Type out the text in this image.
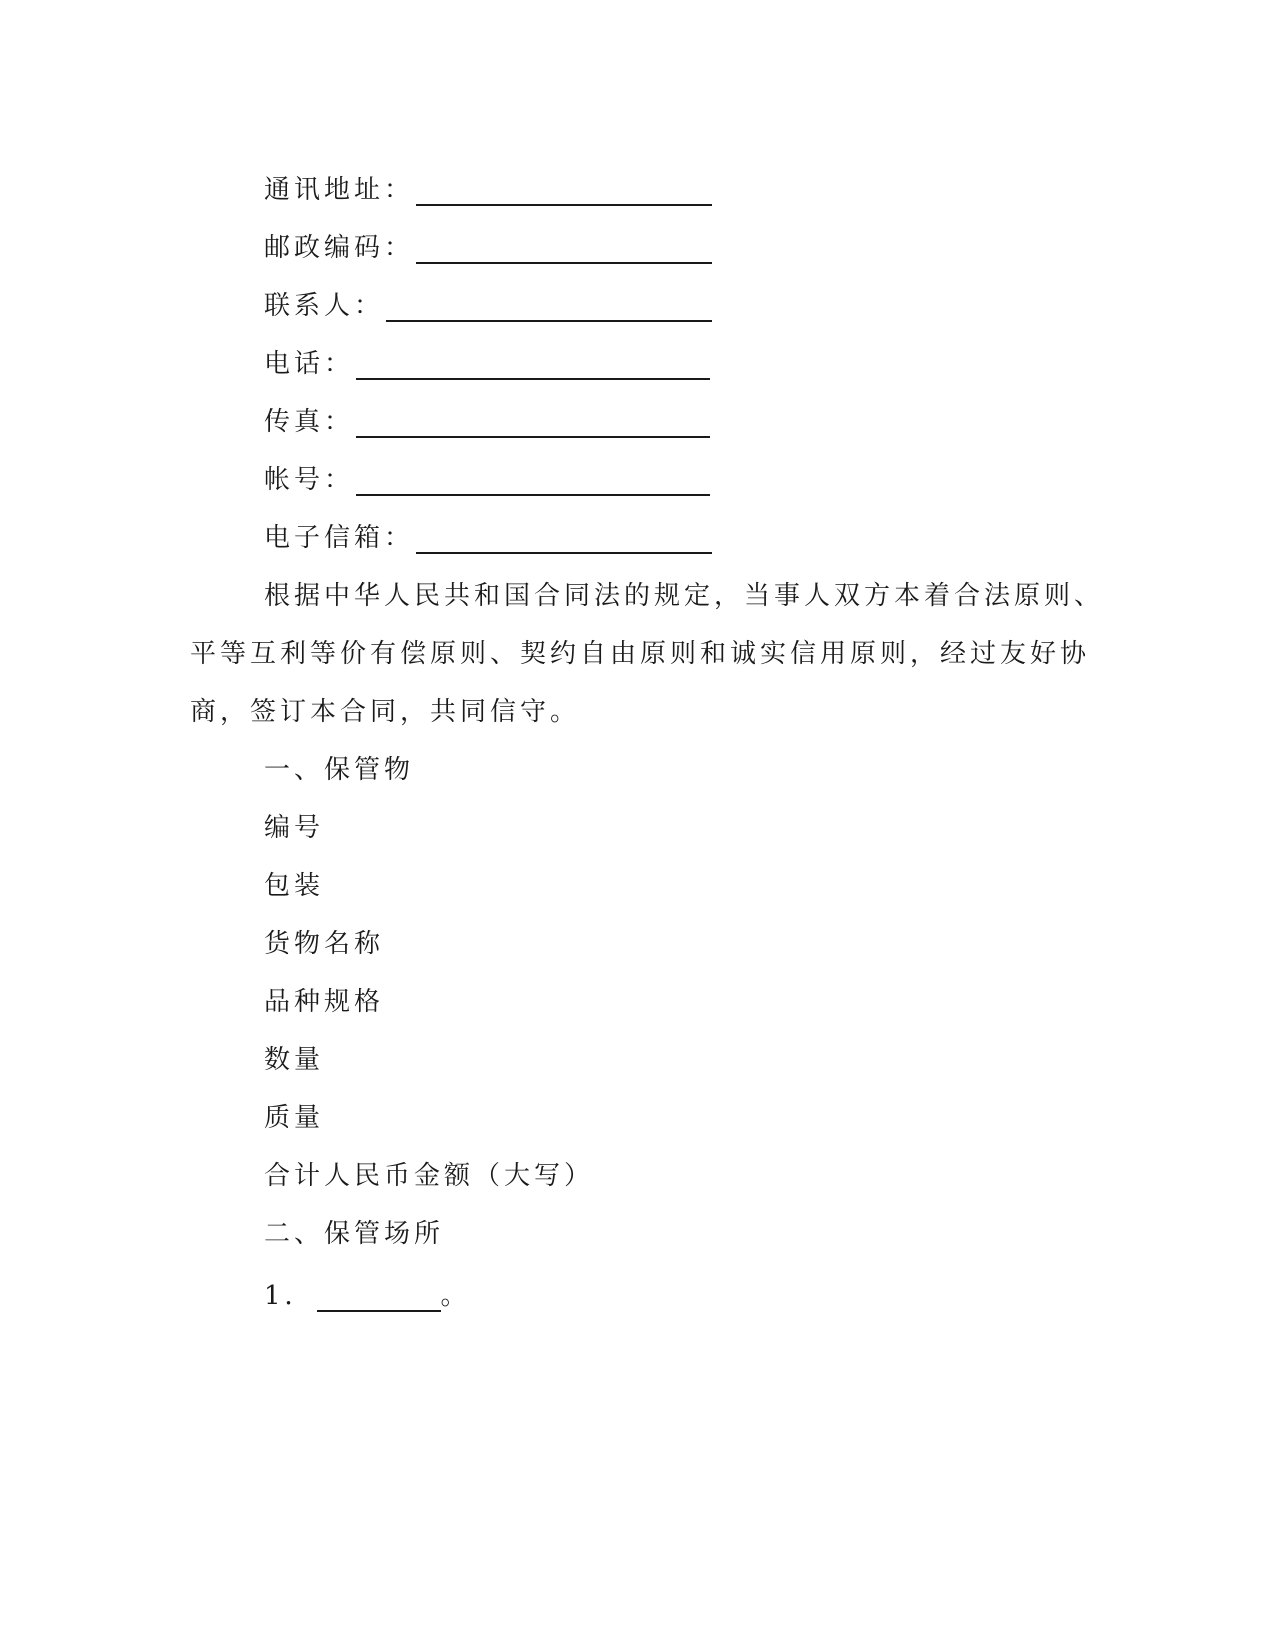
通讯地址：
邮政编码：
联系人：
电话：
传真：
帐号：
电子信箱：
根据中华人民共和国合同法的规定，当事人双方本着合法原则、
平等互利等价有偿原则、契约自由原则和诚实信用原则，经过友好协
商，签订本合同，共同信守。
一、保管物
编号
包装
货物名称
品种规格
数量
质量
合计人民币金额（大写）
二、保管场所
1．	。
